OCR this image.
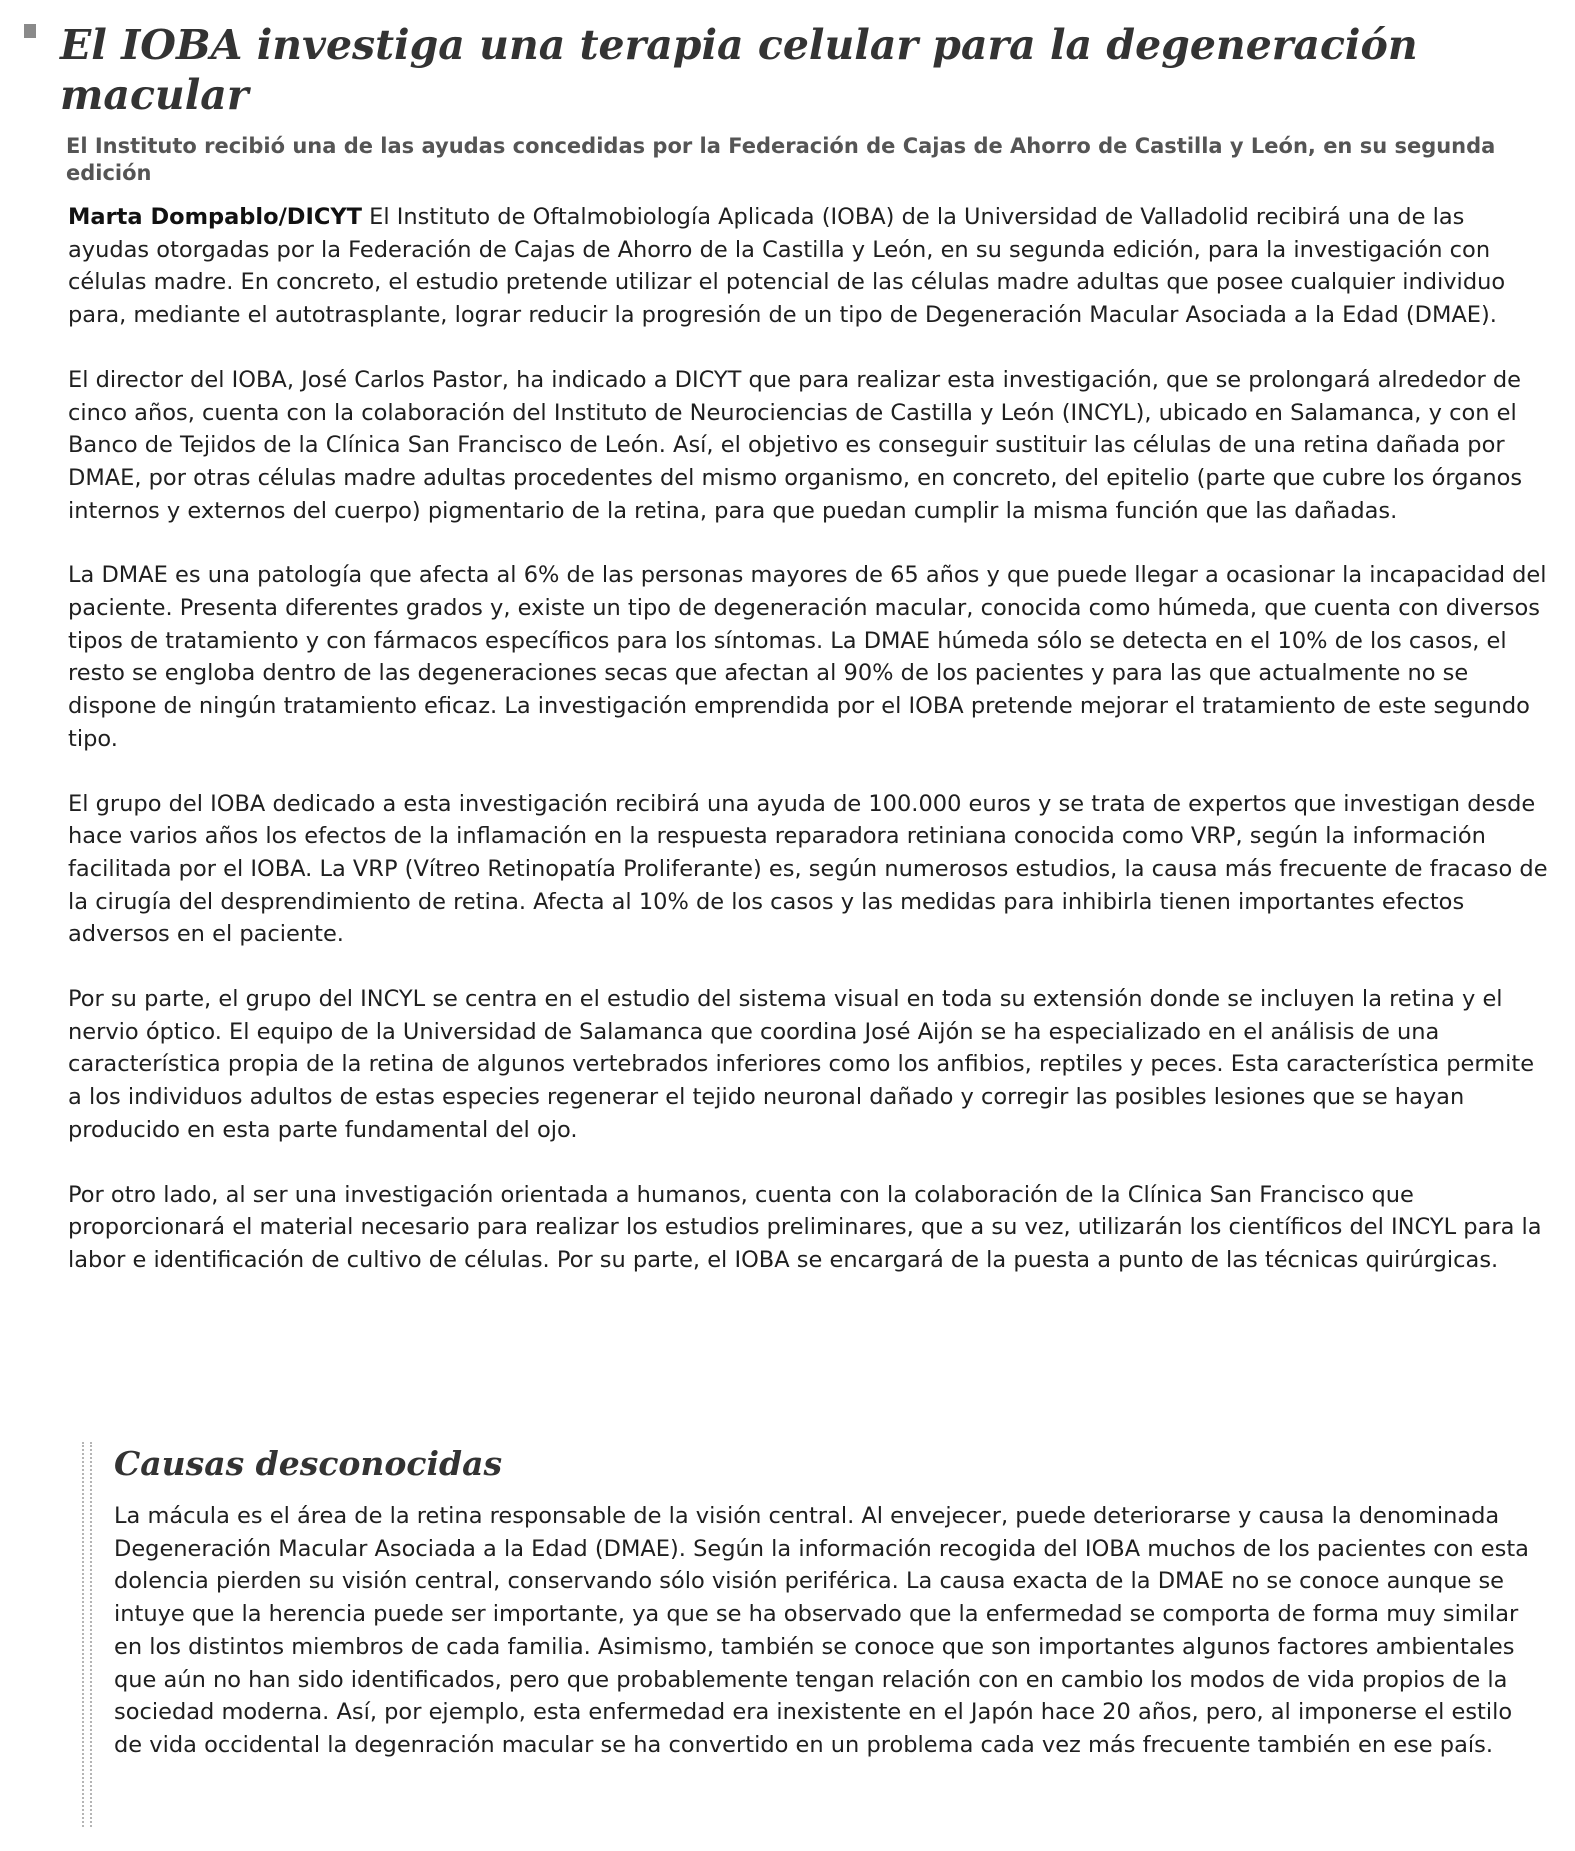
El IOBA investiga una terapia celular para la degeneración macular
El Instituto recibió una de las ayudas concedidas por la Federación de Cajas de Ahorro de Castilla y León, en su segunda edición

Marta Dompablo/DICYT El Instituto de Oftalmobiología Aplicada (IOBA) de la Universidad de Valladolid recibirá una de las ayudas otorgadas por la Federación de Cajas de Ahorro de la Castilla y León, en su segunda edición, para la investigación con células madre. En concreto, el estudio pretende utilizar el potencial de las células madre adultas que posee cualquier individuo para, mediante el autotrasplante, lograr reducir la progresión de un tipo de Degeneración Macular Asociada a la Edad (DMAE).

El director del IOBA, José Carlos Pastor, ha indicado a DICYT que para realizar esta investigación, que se prolongará alrededor de cinco años, cuenta con la colaboración del Instituto de Neurociencias de Castilla y León (INCYL), ubicado en Salamanca, y con el Banco de Tejidos de la Clínica San Francisco de León. Así, el objetivo es conseguir sustituir las células de una retina dañada por DMAE, por otras células madre adultas procedentes del mismo organismo, en concreto, del epitelio (parte que cubre los órganos internos y externos del cuerpo) pigmentario de la retina, para que puedan cumplir la misma función que las dañadas.

La DMAE es una patología que afecta al 6% de las personas mayores de 65 años y que puede llegar a ocasionar la incapacidad del paciente. Presenta diferentes grados y, existe un tipo de degeneración macular, conocida como húmeda, que cuenta con diversos tipos de tratamiento y con fármacos específicos para los síntomas. La DMAE húmeda sólo se detecta en el 10% de los casos, el resto se engloba dentro de las degeneraciones secas que afectan al 90% de los pacientes y para las que actualmente no se dispone de ningún tratamiento eficaz. La investigación emprendida por el IOBA pretende mejorar el tratamiento de este segundo tipo.

El grupo del IOBA dedicado a esta investigación recibirá una ayuda de 100.000 euros y se trata de expertos que investigan desde hace varios años los efectos de la inflamación en la respuesta reparadora retiniana conocida como VRP, según la información facilitada por el IOBA. La VRP (Vítreo Retinopatía Proliferante) es, según numerosos estudios, la causa más frecuente de fracaso de la cirugía del desprendimiento de retina. Afecta al 10% de los casos y las medidas para inhibirla tienen importantes efectos adversos en el paciente.

Por su parte, el grupo del INCYL se centra en el estudio del sistema visual en toda su extensión donde se incluyen la retina y el nervio óptico. El equipo de la Universidad de Salamanca que coordina José Aijón se ha especializado en el análisis de una característica propia de la retina de algunos vertebrados inferiores como los anfibios, reptiles y peces. Esta característica permite a los individuos adultos de estas especies regenerar el tejido neuronal dañado y corregir las posibles lesiones que se hayan producido en esta parte fundamental del ojo.

Por otro lado, al ser una investigación orientada a humanos, cuenta con la colaboración de la Clínica San Francisco que proporcionará el material necesario para realizar los estudios preliminares, que a su vez, utilizarán los científicos del INCYL para la labor e identificación de cultivo de células. Por su parte, el IOBA se encargará de la puesta a punto de las técnicas quirúrgicas.

Causas desconocidas

La mácula es el área de la retina responsable de la visión central. Al envejecer, puede deteriorarse y causa la denominada Degeneración Macular Asociada a la Edad (DMAE). Según la información recogida del IOBA muchos de los pacientes con esta dolencia pierden su visión central, conservando sólo visión periférica. La causa exacta de la DMAE no se conoce aunque se intuye que la herencia puede ser importante, ya que se ha observado que la enfermedad se comporta de forma muy similar en los distintos miembros de cada familia. Asimismo, también se conoce que son importantes algunos factores ambientales que aún no han sido identificados, pero que probablemente tengan relación con en cambio los modos de vida propios de la sociedad moderna. Así, por ejemplo, esta enfermedad era inexistente en el Japón hace 20 años, pero, al imponerse el estilo de vida occidental la degenración macular se ha convertido en un problema cada vez más frecuente también en ese país.
